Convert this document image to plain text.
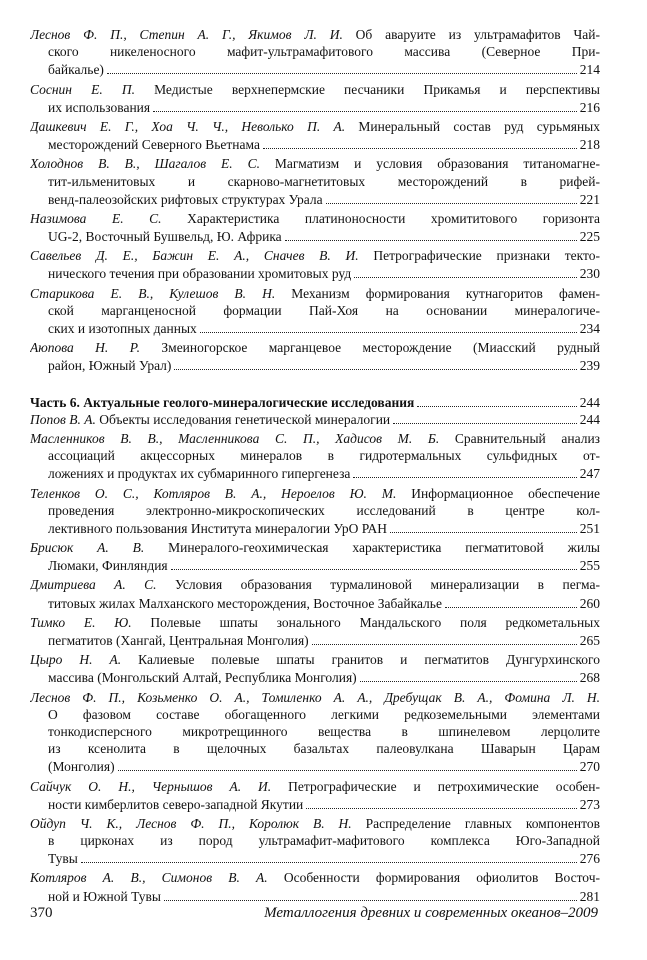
Леснов Ф. П., Степин А. Г., Якимов Л. И. Об аваруите из ультрамафитов Чай-
ского никеленосного мафит-ультрамафитового массива (Северное При-
байкалье)	214
Соснин Е. П. Медистые верхнепермские песчаники Прикамья и перспективы
их использования	216
Дашкевич Е. Г., Хоа Ч. Ч., Неволько П. А. Минеральный состав руд сурьмяных
месторождений Северного Вьетнама	218
Холоднов В. В., Шагалов Е. С. Магматизм и условия образования титаномагне-
тит-ильменитовых и скарново-магнетитовых месторождений в рифей-
венд-палеозойских рифтовых структурах Урала	221
Назимова Е. С. Характеристика платиноносности хромититового горизонта
UG-2, Восточный Бушвельд, Ю. Африка	225
Савельев Д. Е., Бажин Е. А., Сначев В. И. Петрографические признаки текто-
нического течения при образовании хромитовых руд	230
Старикова Е. В., Кулешов В. Н. Механизм формирования кутнагоритов фамен-
ской марганценосной формации Пай-Хоя на основании минералогиче-
ских и изотопных данных	234
Аюпова Н. Р. Змеиногорское марганцевое месторождение (Миасский рудный
район, Южный Урал)	239
Часть 6. Актуальные геолого-минералогические исследования	244
Попов В. А. Объекты исследования генетической минералогии	244
Масленников В. В., Масленникова С. П., Хадисов М. Б. Сравнительный анализ
ассоциаций акцессорных минералов в гидротермальных сульфидных от-
ложениях и продуктах их субмаринного гипергенеза	247
Теленков О. С., Котляров В. А., Нероелов Ю. М. Информационное обеспечение
проведения электронно-микроскопических исследований в центре кол-
лективного пользования Института минералогии УрО РАН	251
Брисюк А. В. Минералого-геохимическая характеристика пегматитовой жилы
Люмаки, Финляндия	255
Дмитриева А. С. Условия образования турмалиновой минерализации в пегма-
титовых жилах Малханского месторождения, Восточное Забайкалье	260
Тимко Е. Ю. Полевые шпаты зонального Мандальского поля редкометальных
пегматитов (Хангай, Центральная Монголия)	265
Цыро Н. А. Калиевые полевые шпаты гранитов и пегматитов Дунгурхинского
массива (Монгольский Алтай, Республика Монголия)	268
Леснов Ф. П., Козьменко О. А., Томиленко А. А., Дребущак В. А., Фомина Л. Н.
О фазовом составе обогащенного легкими редкоземельными элементами
тонкодисперсного микротрещинного вещества в шпинелевом лерцолите
из ксенолита в щелочных базальтах палеовулкана Шаварын Царам
(Монголия)	270
Сайчук О. Н., Чернышов А. И. Петрографические и петрохимические особен-
ности кимберлитов северо-западной Якутии	273
Ойдуп Ч. К., Леснов Ф. П., Королюк В. Н. Распределение главных компонентов
в цирконах из пород ультрамафит-мафитового комплекса Юго-Западной
Тувы	276
Котляров А. В., Симонов В. А. Особенности формирования офиолитов Восточ-
ной и Южной Тувы	281
370	Металлогения древних и современных океанов–2009
